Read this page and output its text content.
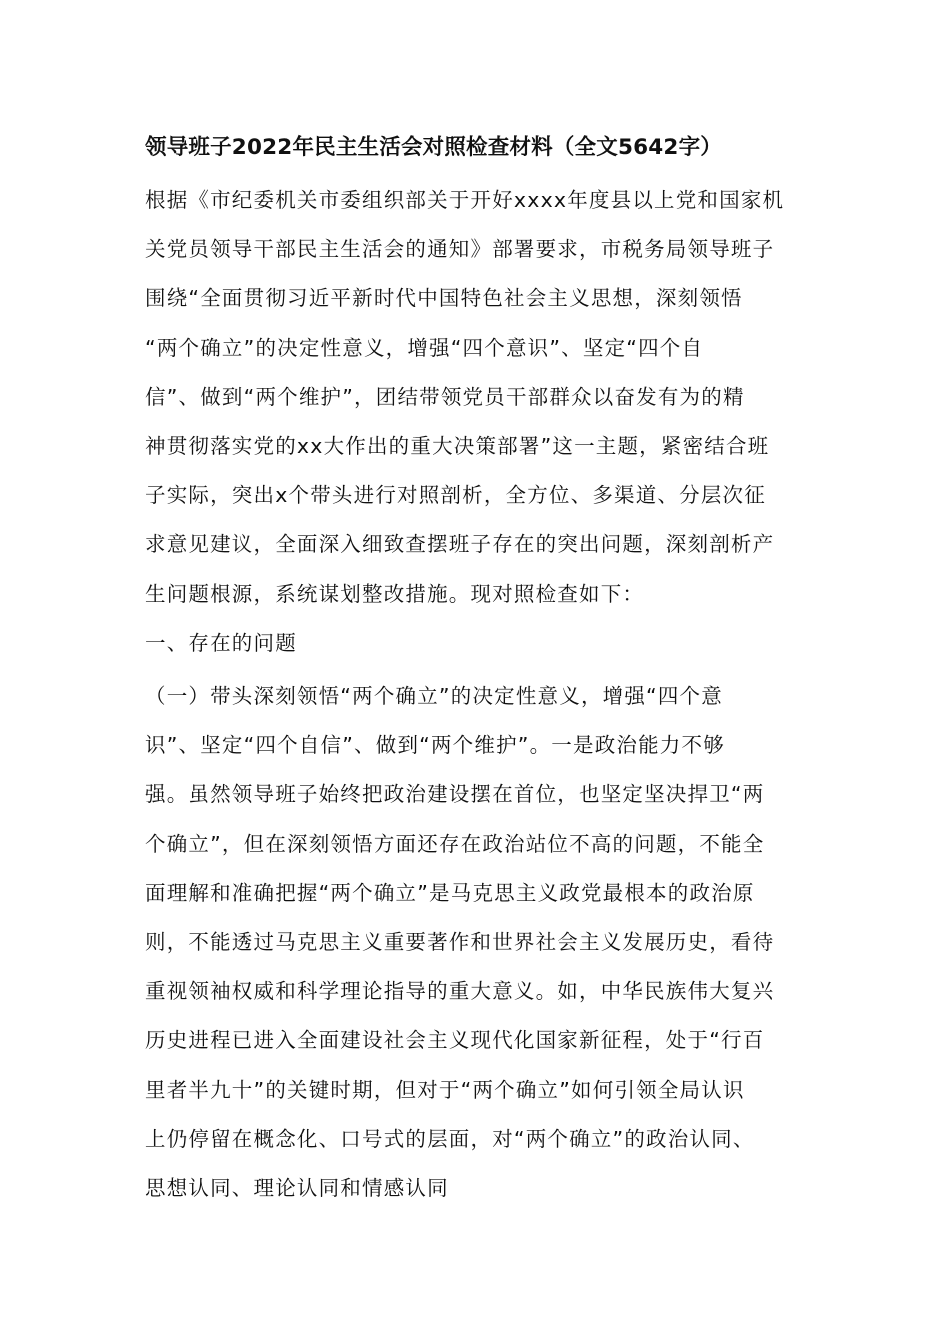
领导班子2022年民主生活会对照检查材料（全文5642字）
根据《市纪委机关市委组织部关于开好xxxx年度县以上党和国家机
关党员领导干部民主生活会的通知》部署要求，市税务局领导班子
围绕“全面贯彻习近平新时代中国特色社会主义思想，深刻领悟
“两个确立”的决定性意义，增强“四个意识”、坚定“四个自
信”、做到“两个维护”，团结带领党员干部群众以奋发有为的精
神贯彻落实党的xx大作出的重大决策部署”这一主题，紧密结合班
子实际，突出x个带头进行对照剖析，全方位、多渠道、分层次征
求意见建议，全面深入细致查摆班子存在的突出问题，深刻剖析产
生问题根源，系统谋划整改措施。现对照检查如下：
一、存在的问题
（一）带头深刻领悟“两个确立”的决定性意义，增强“四个意
识”、坚定“四个自信”、做到“两个维护”。一是政治能力不够
强。虽然领导班子始终把政治建设摆在首位，也坚定坚决捍卫“两
个确立”，但在深刻领悟方面还存在政治站位不高的问题，不能全
面理解和准确把握“两个确立”是马克思主义政党最根本的政治原
则，不能透过马克思主义重要著作和世界社会主义发展历史，看待
重视领袖权威和科学理论指导的重大意义。如，中华民族伟大复兴
历史进程已进入全面建设社会主义现代化国家新征程，处于“行百
里者半九十”的关键时期，但对于“两个确立”如何引领全局认识
上仍停留在概念化、口号式的层面，对“两个确立”的政治认同、
思想认同、理论认同和情感认同
